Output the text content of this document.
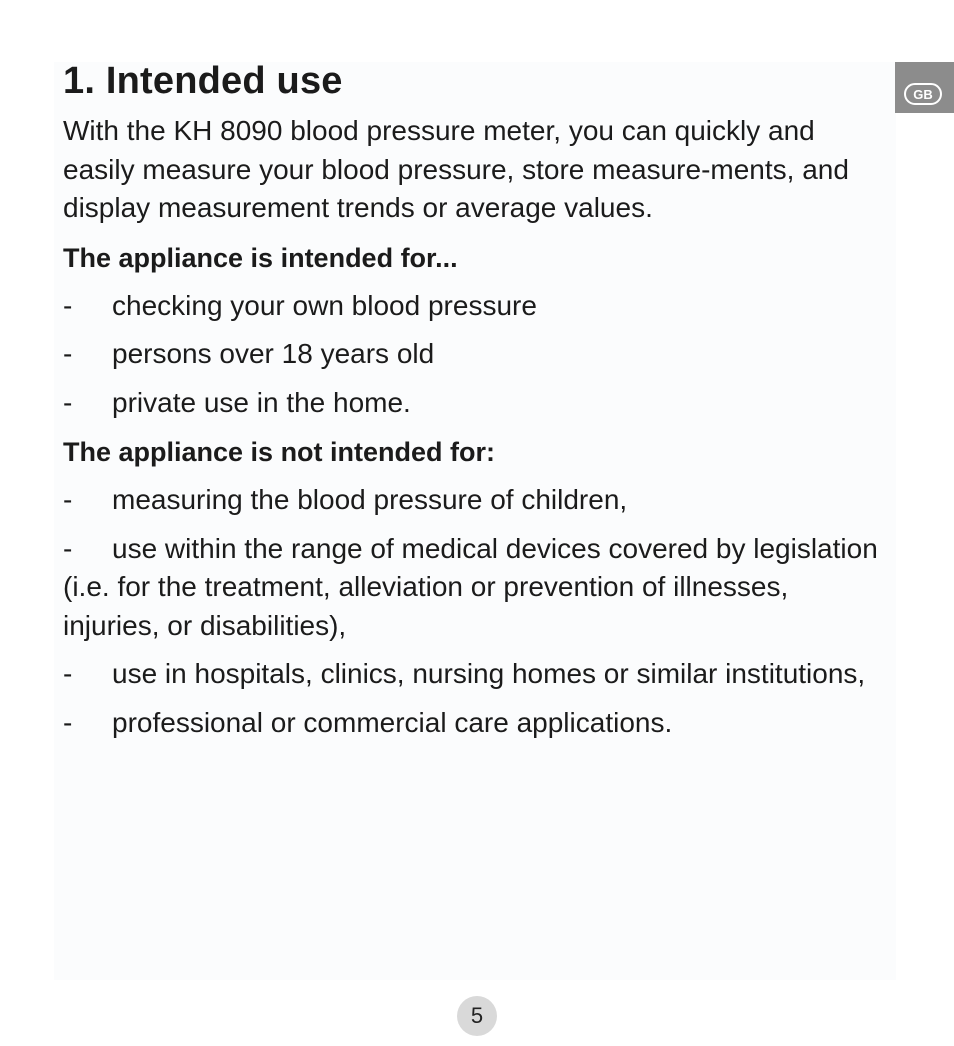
GB
1. Intended use

With the KH 8090 blood pressure meter, you can quickly and easily measure your blood pressure, store measure-ments, and display measurement trends or average values.

The appliance is intended for...
- checking your own blood pressure
- persons over 18 years old
- private use in the home.
The appliance is not intended for:
- measuring the blood pressure of children,
- use within the range of medical devices covered by legislation (i.e. for the treatment, alleviation or prevention of illnesses, injuries, or disabilities),
- use in hospitals, clinics, nursing homes or similar institutions,
- professional or commercial care applications.
5
